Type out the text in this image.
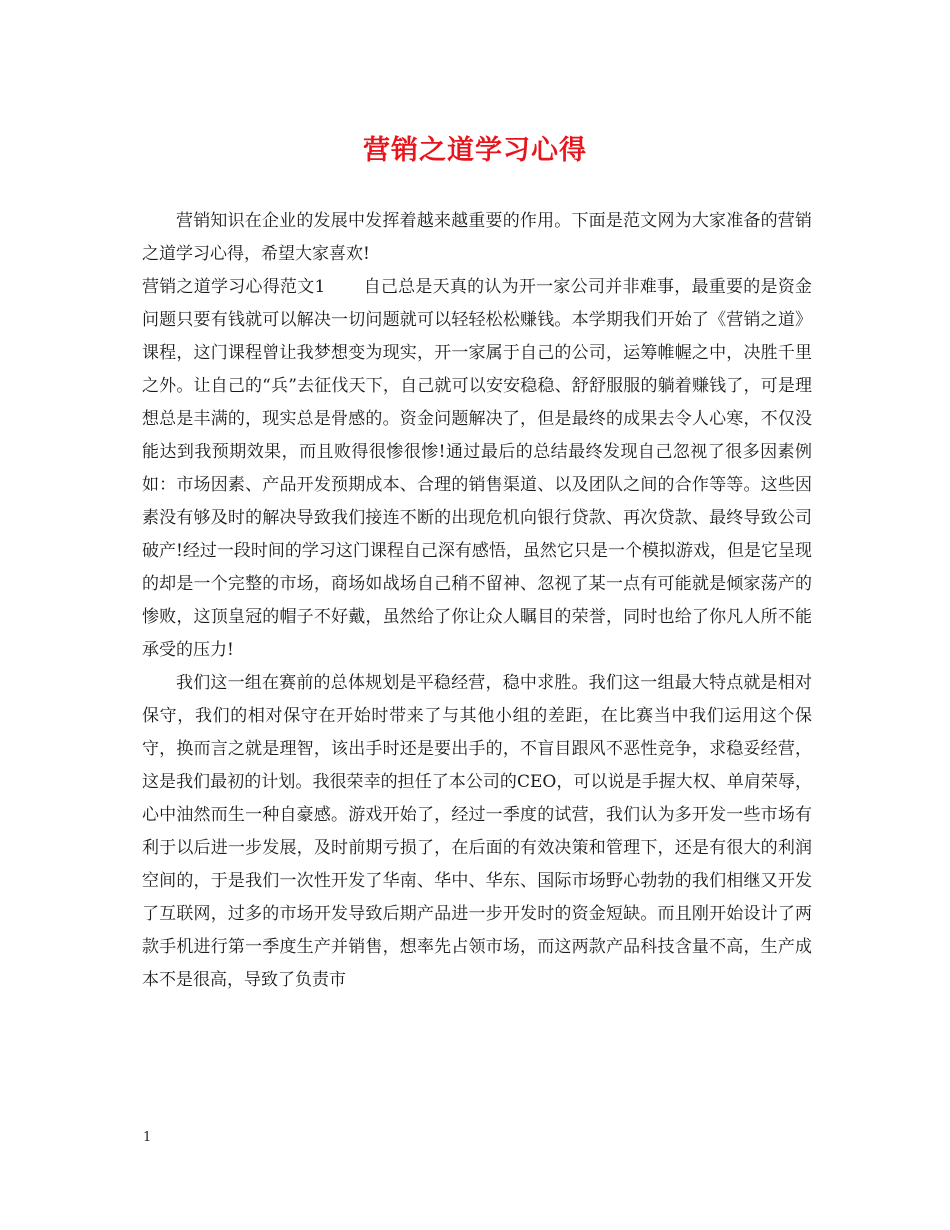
营销之道学习心得

营销知识在企业的发展中发挥着越来越重要的作用。下面是范文网为大家准备的营销之道学习心得，希望大家喜欢!

营销之道学习心得范文1 自己总是天真的认为开一家公司并非难事，最重要的是资金问题只要有钱就可以解决一切问题就可以轻轻松松赚钱。本学期我们开始了《营销之道》课程，这门课程曾让我梦想变为现实，开一家属于自己的公司，运筹帷幄之中，决胜千里之外。让自己的“兵”去征伐天下，自己就可以安安稳稳、舒舒服服的躺着赚钱了，可是理想总是丰满的，现实总是骨感的。资金问题解决了，但是最终的成果去令人心寒，不仅没能达到我预期效果，而且败得很惨很惨!通过最后的总结最终发现自己忽视了很多因素例如：市场因素、产品开发预期成本、合理的销售渠道、以及团队之间的合作等等。这些因素没有够及时的解决导致我们接连不断的出现危机向银行贷款、再次贷款、最终导致公司破产!经过一段时间的学习这门课程自己深有感悟，虽然它只是一个模拟游戏，但是它呈现的却是一个完整的市场，商场如战场自己稍不留神、忽视了某一点有可能就是倾家荡产的惨败，这顶皇冠的帽子不好戴，虽然给了你让众人瞩目的荣誉，同时也给了你凡人所不能承受的压力!

我们这一组在赛前的总体规划是平稳经营，稳中求胜。我们这一组最大特点就是相对保守，我们的相对保守在开始时带来了与其他小组的差距，在比赛当中我们运用这个保守，换而言之就是理智，该出手时还是要出手的，不盲目跟风不恶性竞争，求稳妥经营，这是我们最初的计划。我很荣幸的担任了本公司的CEO，可以说是手握大权、单肩荣辱，心中油然而生一种自豪感。游戏开始了，经过一季度的试营，我们认为多开发一些市场有利于以后进一步发展，及时前期亏损了，在后面的有效决策和管理下，还是有很大的利润空间的，于是我们一次性开发了华南、华中、华东、国际市场野心勃勃的我们相继又开发了互联网，过多的市场开发导致后期产品进一步开发时的资金短缺。而且刚开始设计了两款手机进行第一季度生产并销售，想率先占领市场，而这两款产品科技含量不高，生产成本不是很高，导致了负责市

1
